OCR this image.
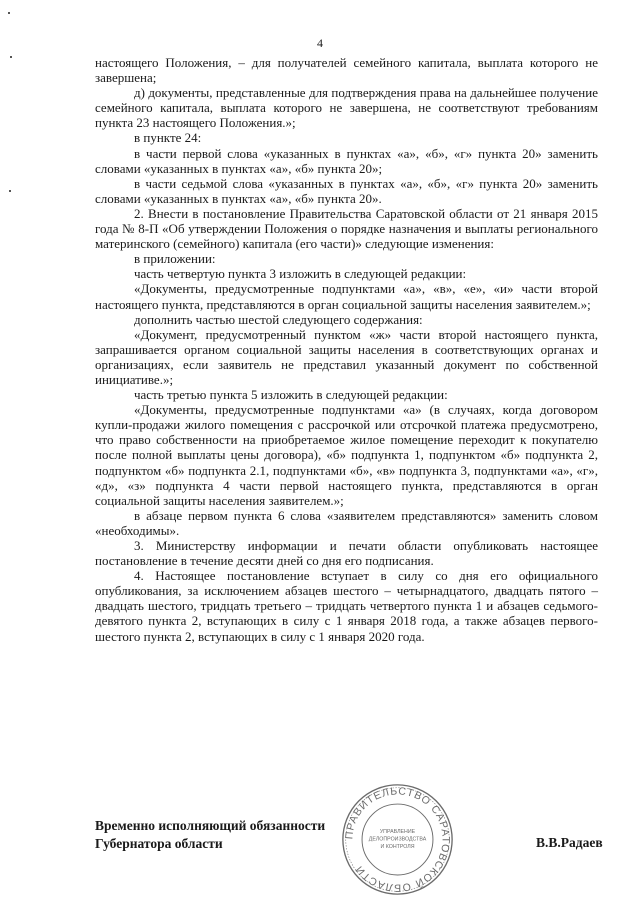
4

настоящего Положения, – для получателей семейного капитала, выплата которого не завершена;

д) документы, представленные для подтверждения права на дальнейшее получение семейного капитала, выплата которого не завершена, не соответствуют требованиям пункта 23 настоящего Положения.»;

в пункте 24:

в части первой слова «указанных в пунктах «а», «б», «г» пункта 20» заменить словами «указанных в пунктах «а», «б» пункта 20»;

в части седьмой слова «указанных в пунктах «а», «б», «г» пункта 20» заменить словами «указанных в пунктах «а», «б» пункта 20».

2. Внести в постановление Правительства Саратовской области от 21 января 2015 года № 8-П «Об утверждении Положения о порядке назначения и выплаты регионального материнского (семейного) капитала (его части)» следующие изменения:

в приложении:

часть четвертую пункта 3 изложить в следующей редакции:

«Документы, предусмотренные подпунктами «а», «в», «е», «и» части второй настоящего пункта, представляются в орган социальной защиты населения заявителем.»;

дополнить частью шестой следующего содержания:

«Документ, предусмотренный пунктом «ж» части второй настоящего пункта, запрашивается органом социальной защиты населения в соответствующих органах и организациях, если заявитель не представил указанный документ по собственной инициативе.»;

часть третью пункта 5 изложить в следующей редакции:

«Документы, предусмотренные подпунктами «а» (в случаях, когда договором купли-продажи жилого помещения с рассрочкой или отсрочкой платежа предусмотрено, что право собственности на приобретаемое жилое помещение переходит к покупателю после полной выплаты цены договора), «б» подпункта 1, подпунктом «б» подпункта 2, подпунктом «б» подпункта 2.1, подпунктами «б», «в» подпункта 3, подпунктами «а», «г», «д», «з» подпункта 4 части первой настоящего пункта, представляются в орган социальной защиты населения заявителем.»;

в абзаце первом пункта 6 слова «заявителем представляются» заменить словом «необходимы».

3. Министерству информации и печати области опубликовать настоящее постановление в течение десяти дней со дня его подписания.

4. Настоящее постановление вступает в силу со дня его официального опубликования, за исключением абзацев шестого – четырнадцатого, двадцать пятого – двадцать шестого, тридцать третьего – тридцать четвертого пункта 1 и абзацев седьмого-девятого пункта 2, вступающих в силу с 1 января 2018 года, а также абзацев первого-шестого пункта 2, вступающих в силу с 1 января 2020 года.

ПРАВИТЕЛЬСТВО САРАТОВСКОЙ ОБЛАСТИ
УПРАВЛЕНИЕ
ДЕЛОПРОИЗВОДСТВА
И КОНТРОЛЯ
Временно исполняющий обязанности
Губернатора области	В.В.Радаев
